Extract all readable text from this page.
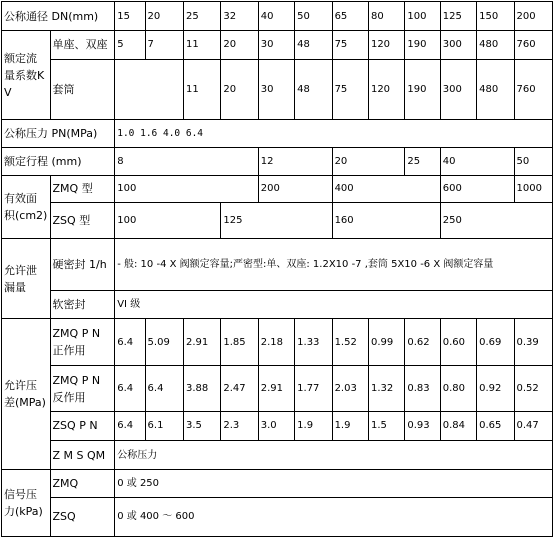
公称通径 DN(mm)		15	20	25	32	40	50	65	80	100	125	150	200
额定流量系数KV	单座、双座	5	7	11	20	30	48	75	120	190	300	480	760
	套筒			11	20	30	48	75	120	190	300	480	760
公称压力 PN(MPa)		1.0 1.6 4.0 6.4											
额定行程 (mm)		8				12		20		25	40		50
有效面积(cm2)	ZMQ 型	100				200		400			600		1000
	ZSQ 型	100			125			160			250		
允许泄漏量	硬密封 1/h	- 般: 10 -4 X 阀额定容量;严密型:单、双座: 1.2X10 -7 ,套筒 5X10 -6 X 阀额定容量											
	软密封	VI 级											
允许压差(MPa)	ZMQ P N 正作用	6.4	5.09	2.91	1.85	2.18	1.33	1.52	0.99	0.62	0.60	0.69	0.39
	ZMQ P N 反作用	6.4	6.4	3.88	2.47	2.91	1.77	2.03	1.32	0.83	0.80	0.92	0.52
	ZSQ P N	6.4	6.1	3.5	2.3	3.0	1.9	1.9	1.5	0.93	0.84	0.65	0.47
	Z M S QM	公称压力											
信号压力(kPa)	ZMQ	0 或 250											
	ZSQ	0 或 400 ～ 600											
